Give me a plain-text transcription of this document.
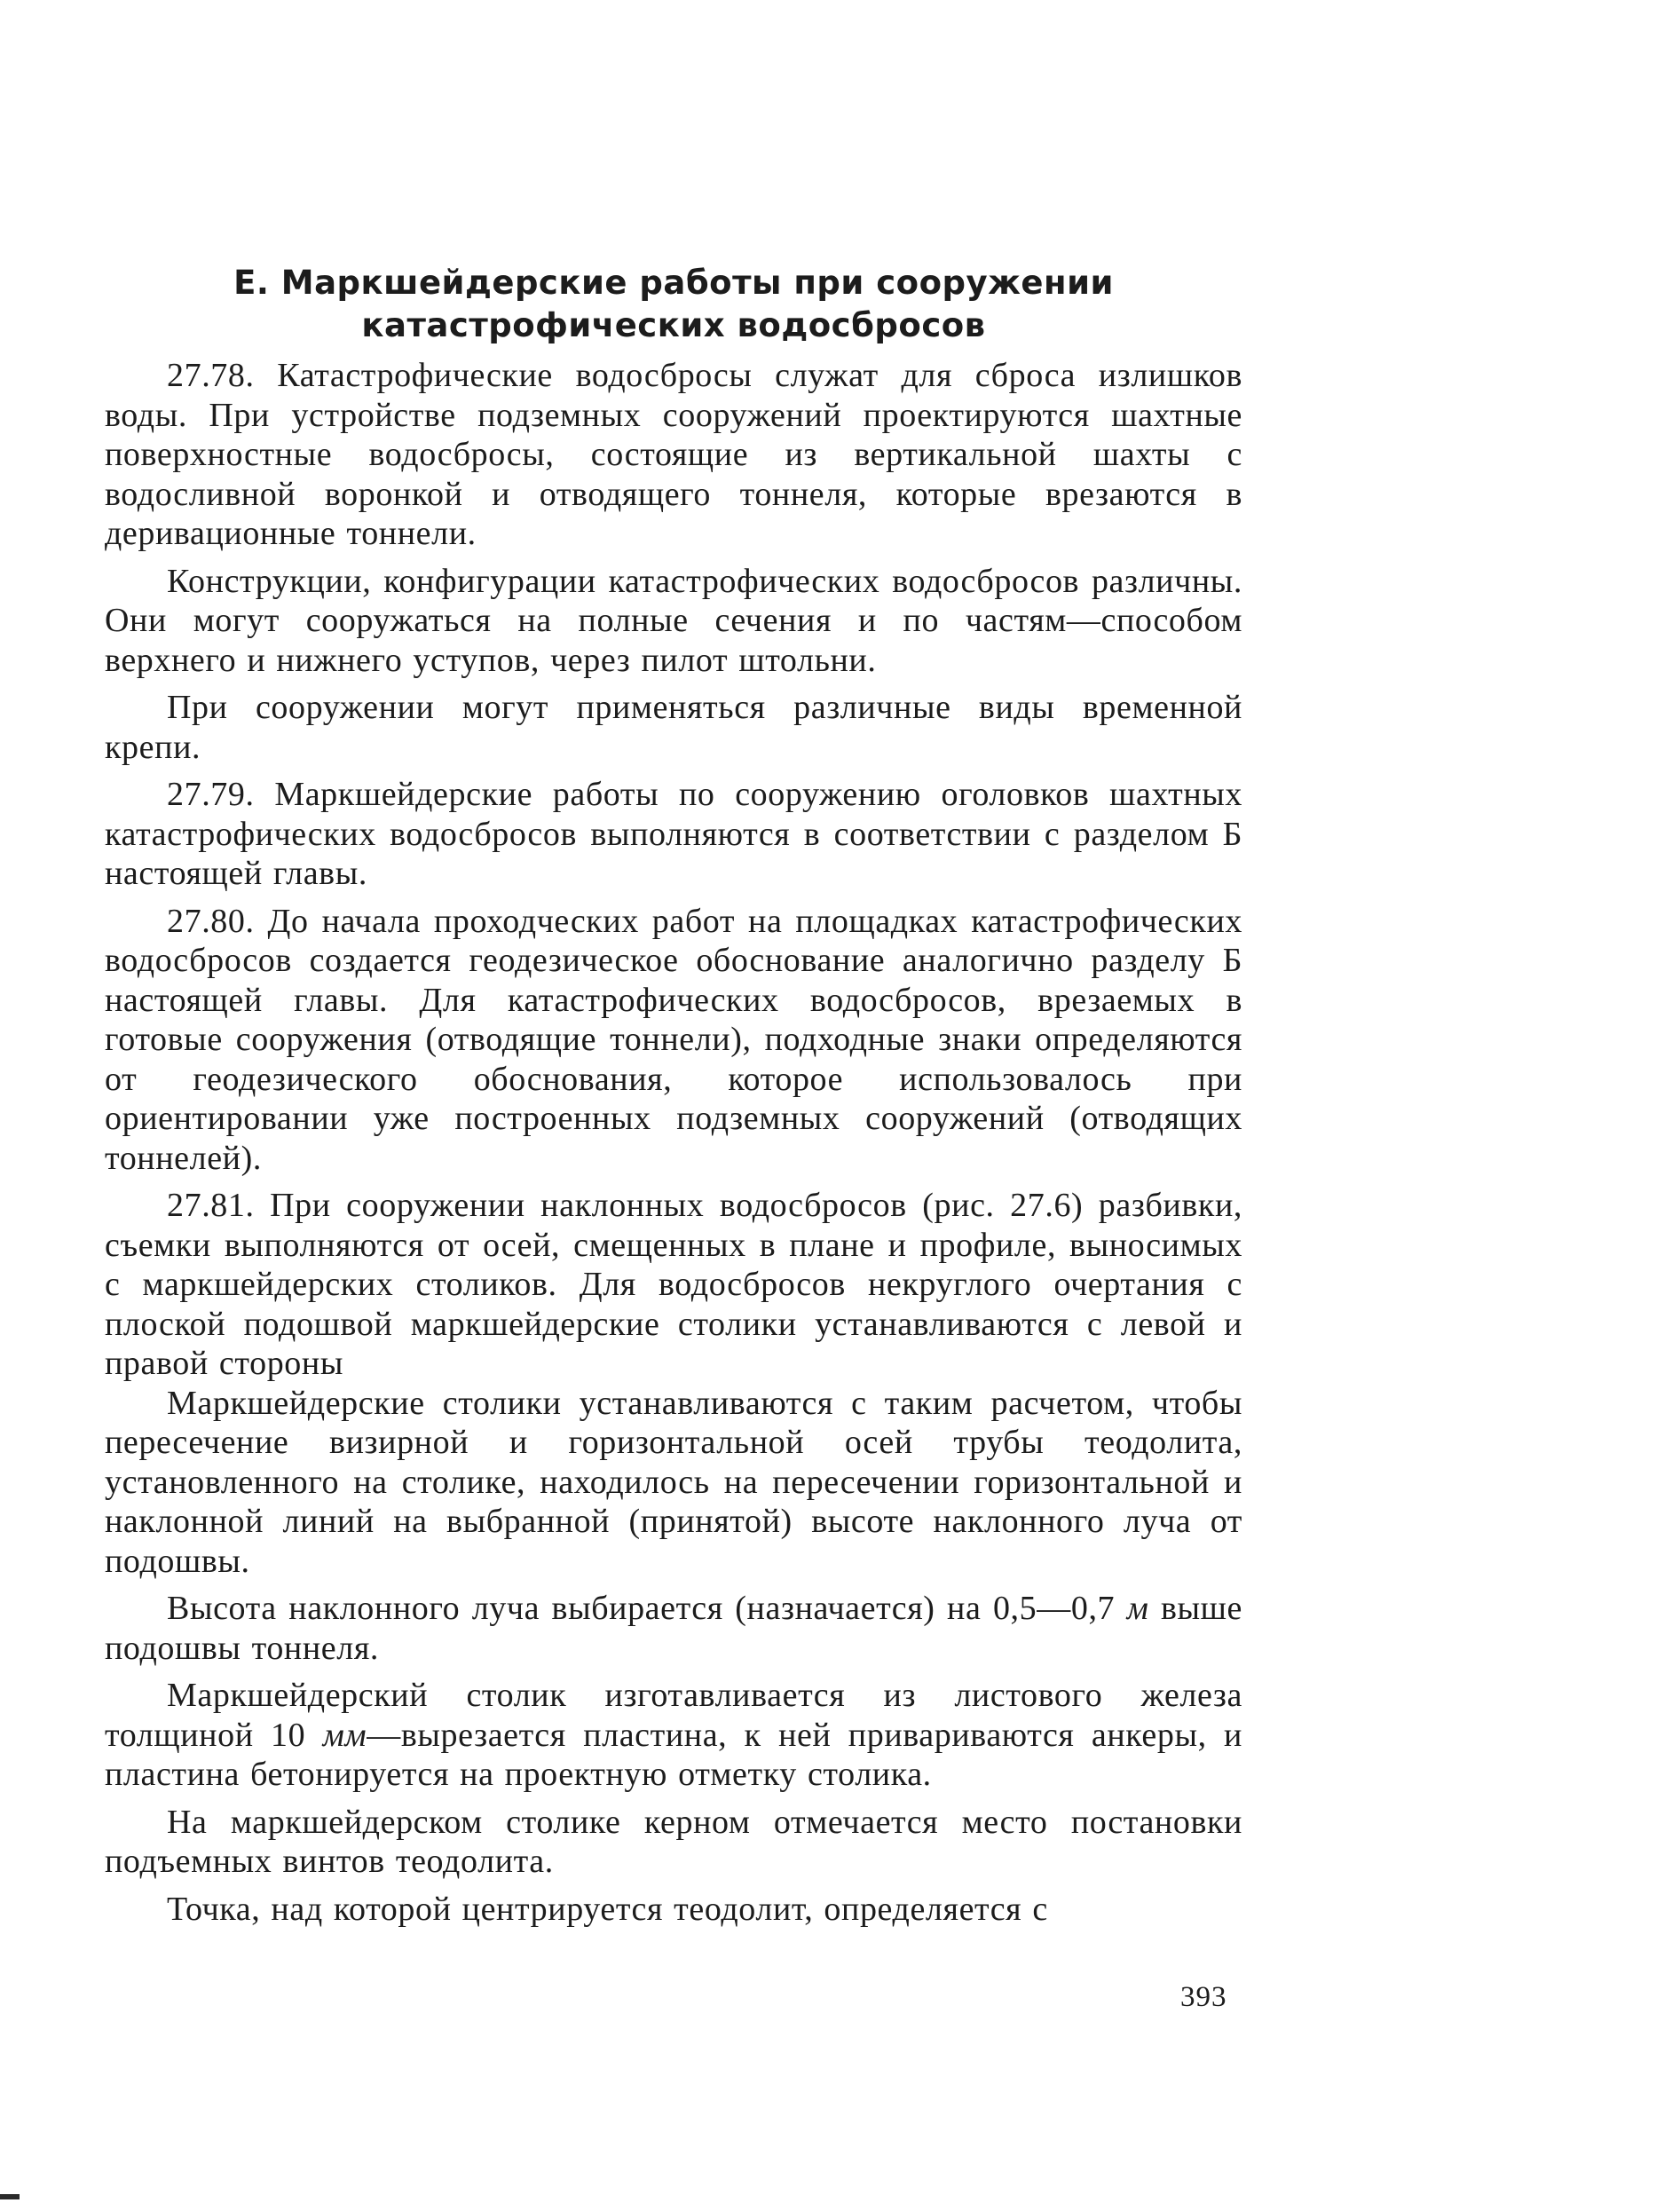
Е. Маркшейдерские работы при сооружении
катастрофических водосбросов

27.78. Катастрофические водосбросы служат для сброса излишков воды. При устройстве подземных сооружений проектируются шахтные поверхностные водосбросы, состоящие из вертикальной шахты с водосливной воронкой и отводящего тоннеля, которые врезаются в деривационные тоннели.

Конструкции, конфигурации катастрофических водосбросов различны. Они могут сооружаться на полные сечения и по частям—способом верхнего и нижнего уступов, через пилот штольни.

При сооружении могут применяться различные виды временной крепи.

27.79. Маркшейдерские работы по сооружению оголовков шахтных катастрофических водосбросов выполняются в соответствии с разделом Б настоящей главы.

27.80. До начала проходческих работ на площадках катастрофических водосбросов создается геодезическое обоснование аналогично разделу Б настоящей главы. Для катастрофических водосбросов, врезаемых в готовые сооружения (отводящие тоннели), подходные знаки определяются от геодезического обоснования, которое использовалось при ориентировании уже построенных подземных сооружений (отводящих тоннелей).

27.81. При сооружении наклонных водосбросов (рис. 27.6) разбивки, съемки выполняются от осей, смещенных в плане и профиле, выносимых с маркшейдерских столиков. Для водосбросов некруглого очертания с плоской подошвой маркшейдерские столики устанавливаются с левой и правой стороны

Маркшейдерские столики устанавливаются с таким расчетом, чтобы пересечение визирной и горизонтальной осей трубы теодолита, установленного на столике, находилось на пересечении горизонтальной и наклонной линий на выбранной (принятой) высоте наклонного луча от подошвы.

Высота наклонного луча выбирается (назначается) на 0,5—0,7 м выше подошвы тоннеля.

Маркшейдерский столик изготавливается из листового железа толщиной 10 мм—вырезается пластина, к ней привариваются анкеры, и пластина бетонируется на проектную отметку столика.

На маркшейдерском столике керном отмечается место постановки подъемных винтов теодолита.

Точка, над которой центрируется теодолит, определяется с

393
